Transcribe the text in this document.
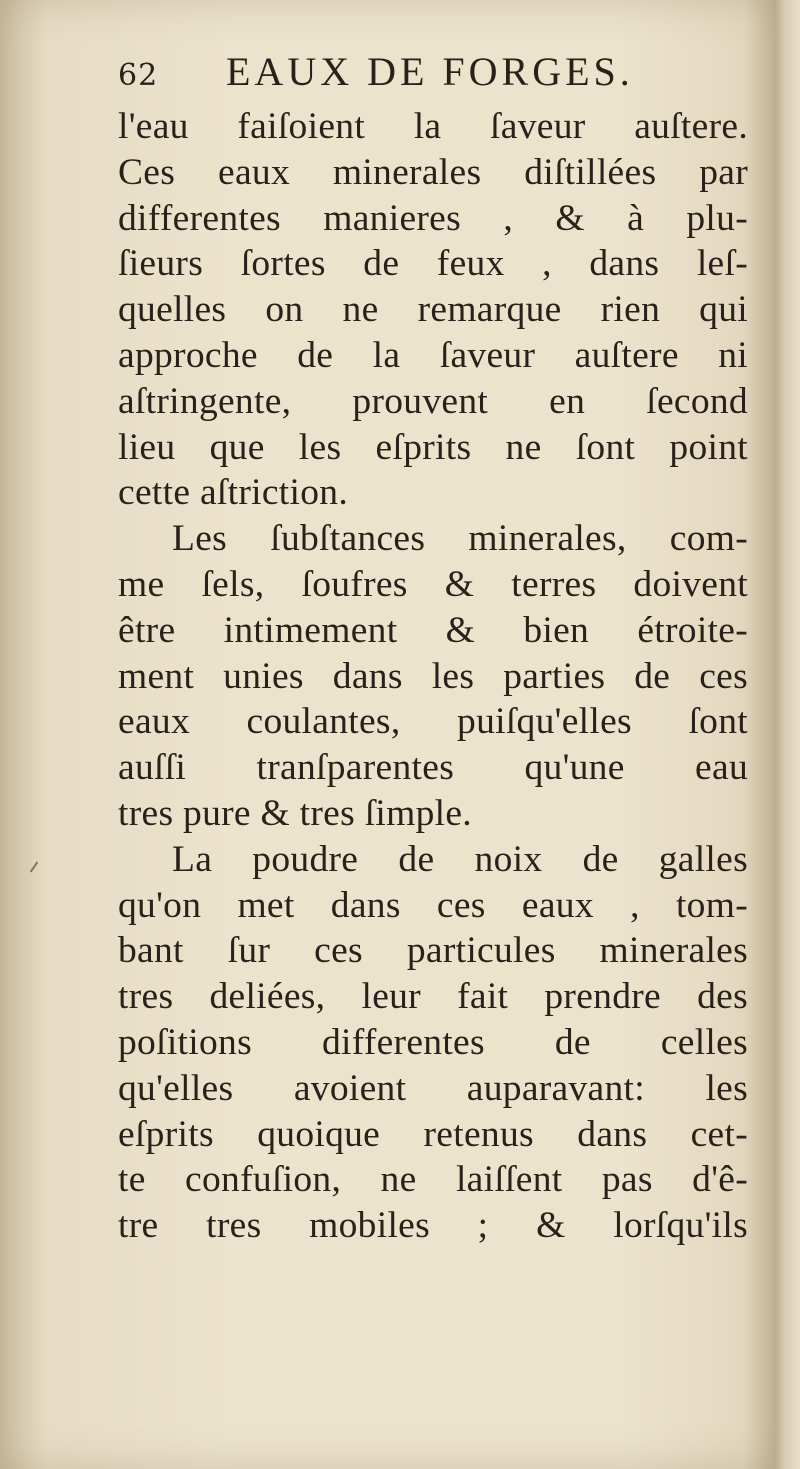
62	EAUX DE FORGES.
l'eau faiſoient la ſaveur auſtere.
Ces eaux minerales diſtillées par
differentes manieres , & à plu-
ſieurs ſortes de feux , dans leſ-
quelles on ne remarque rien qui
approche de la ſaveur auſtere ni
aſtringente, prouvent en ſecond
lieu que les eſprits ne ſont point
cette aſtriction.
Les ſubſtances minerales, com-
me ſels, ſoufres & terres doivent
être intimement & bien étroite-
ment unies dans les parties de ces
eaux coulantes, puiſqu'elles ſont
auſſi tranſparentes qu'une eau
tres pure & tres ſimple.
La poudre de noix de galles
qu'on met dans ces eaux , tom-
bant ſur ces particules minerales
tres deliées, leur fait prendre des
poſitions differentes de celles
qu'elles avoient auparavant: les
eſprits quoique retenus dans cet-
te confuſion, ne laiſſent pas d'ê-
tre tres mobiles ; & lorſqu'ils
